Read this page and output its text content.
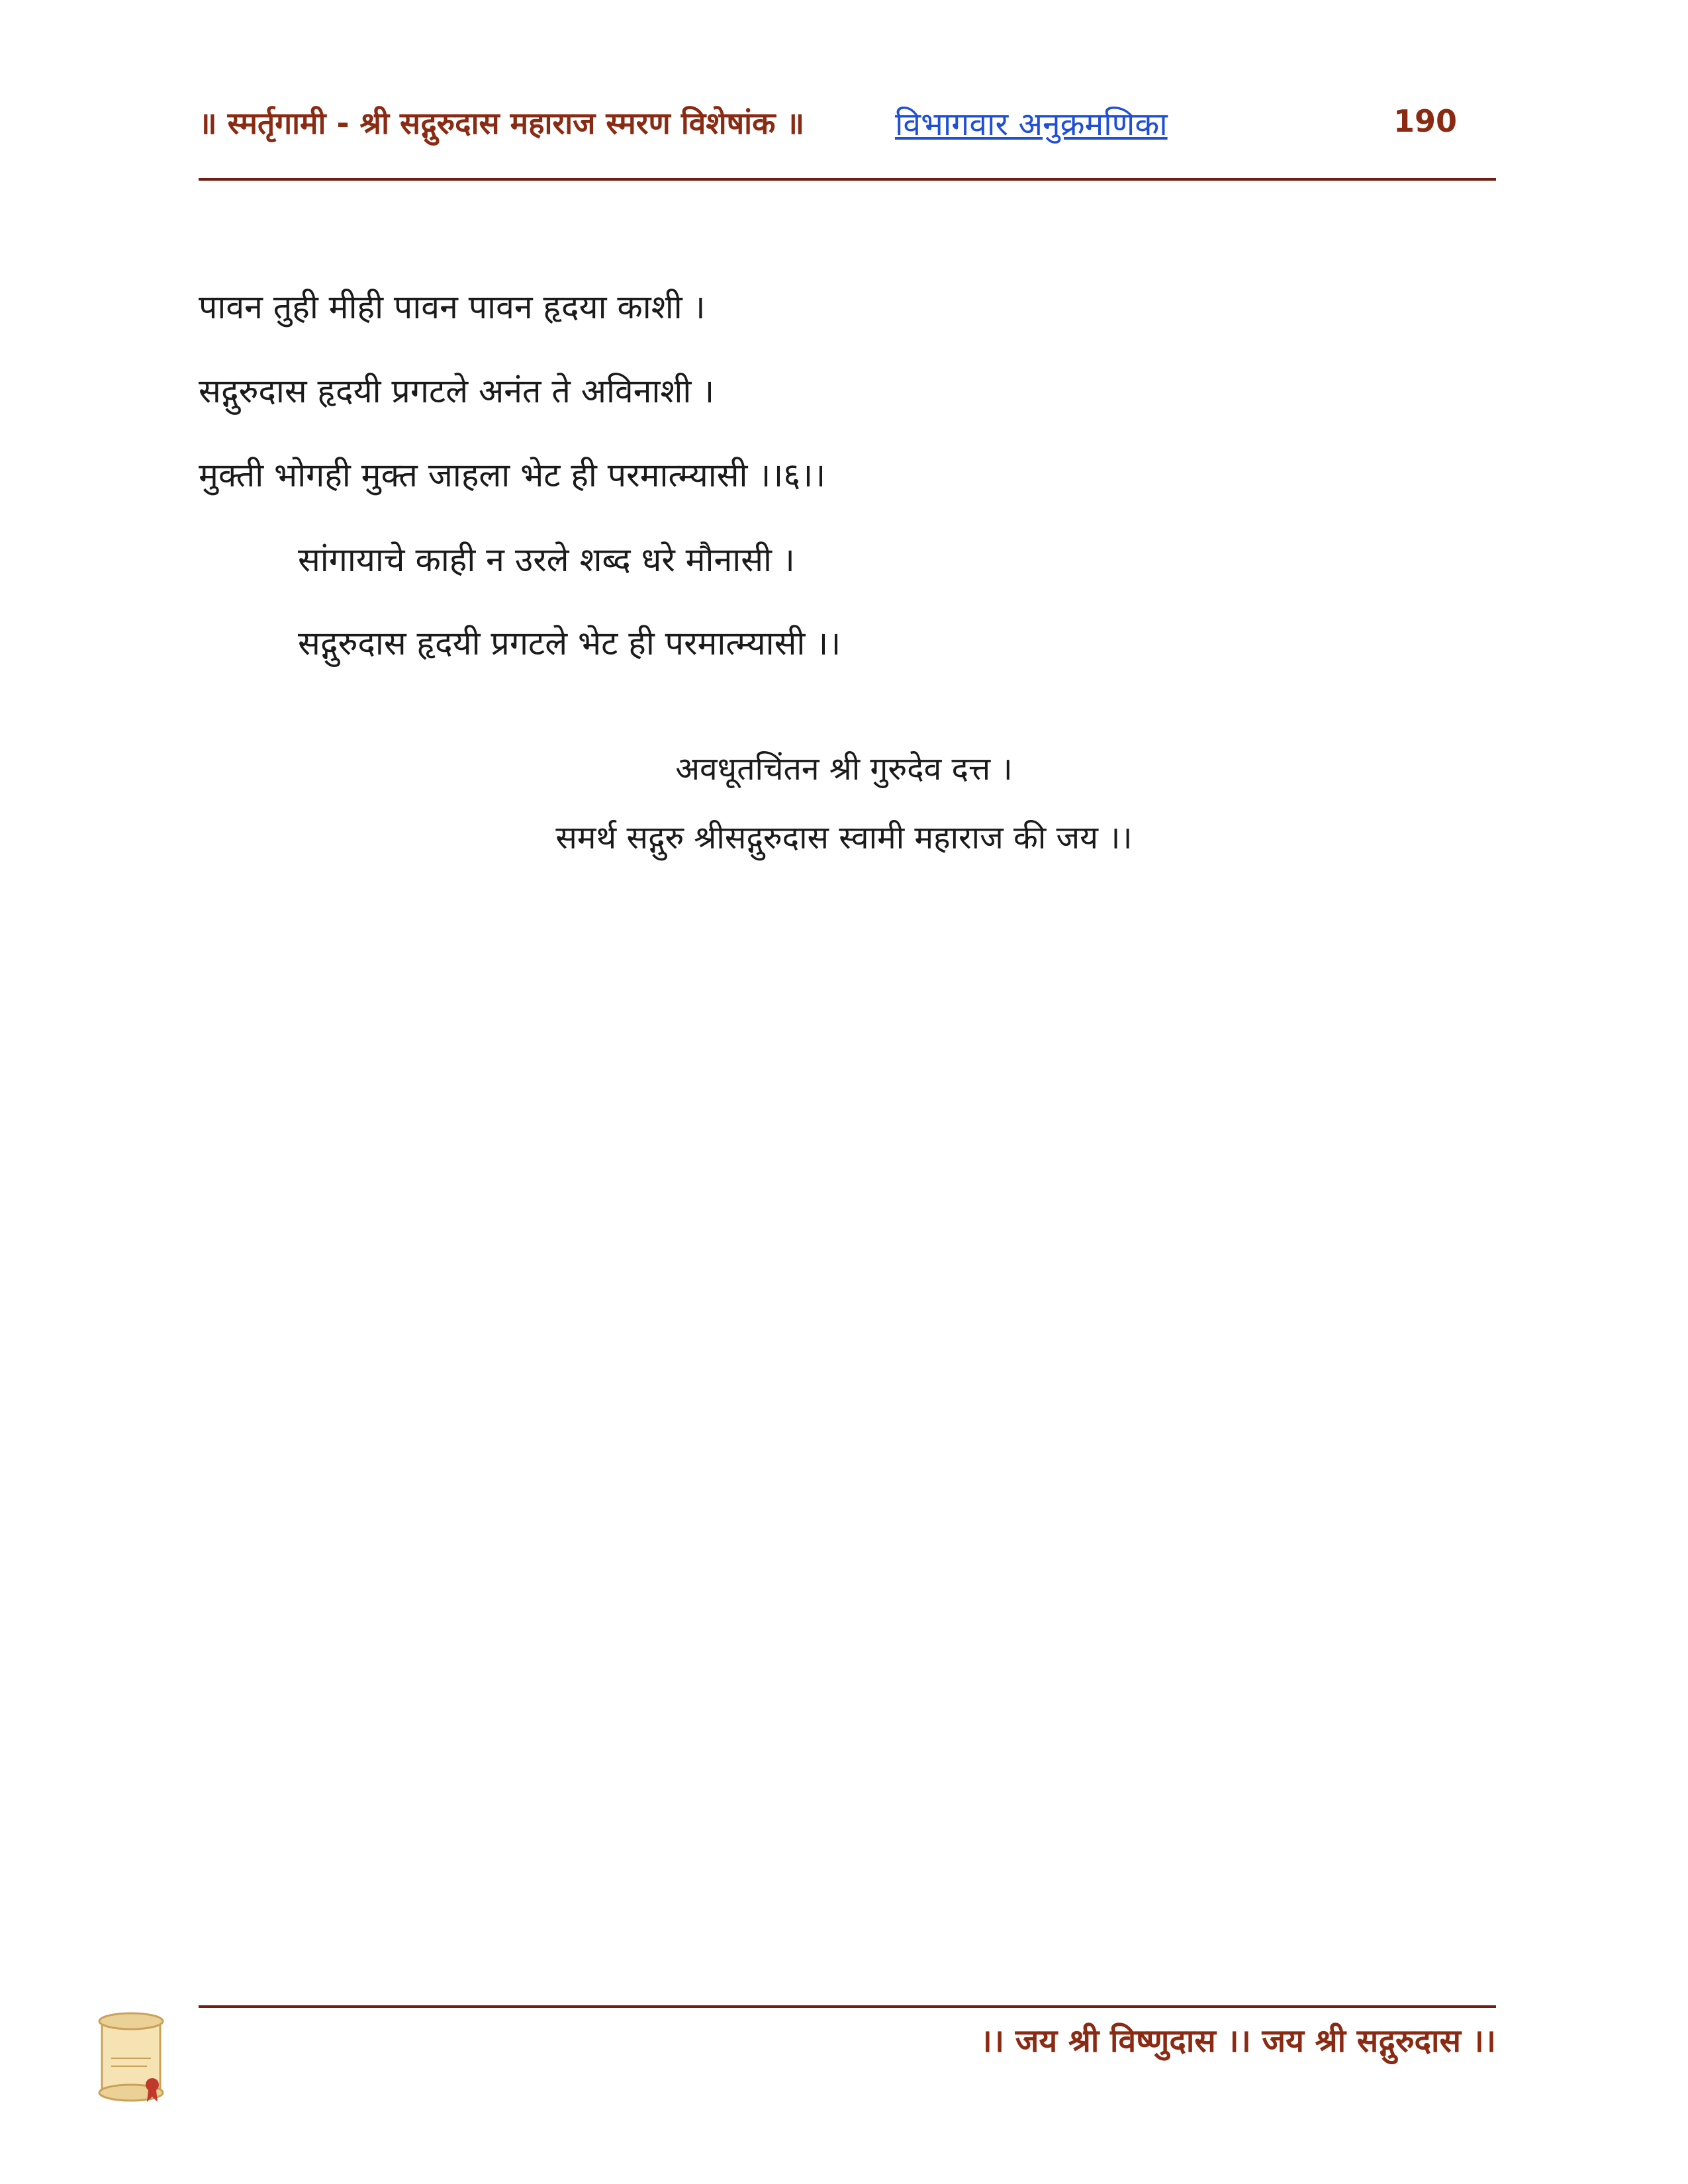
॥ स्मर्तृगामी - श्री सद्गुरुदास महाराज स्मरण विशेषांक ॥	विभागवार अनुक्रमणिका	190
पावन तुही मीही पावन पावन हृदया काशी ।
सद्गुरुदास हृदयी प्रगटले अनंत ते अविनाशी ।
मुक्ती भोगही मुक्त जाहला भेट ही परमात्म्यासी ।।६।।
सांगायाचे काही न उरले शब्द धरे मौनासी ।
सद्गुरुदास हृदयी प्रगटले भेट ही परमात्म्यासी ।।
अवधूतचिंतन श्री गुरुदेव दत्त ।
समर्थ सद्गुरु श्रीसद्गुरुदास स्वामी महाराज की जय ।।
।। जय श्री विष्णुदास ।। जय श्री सद्गुरुदास ।।
